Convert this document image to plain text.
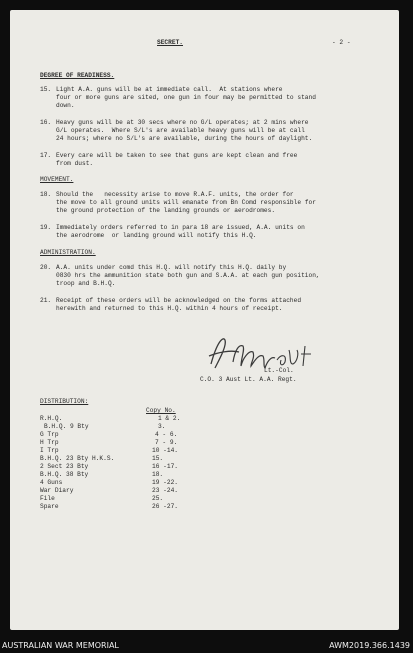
SECRET.	- 2 -
DEGREE OF READINESS.
15. Light A.A. guns will be at immediate call.  At stations where
four or more guns are sited, one gun in four may be permitted to stand
down.
16. Heavy guns will be at 30 secs where no G/L operates; at 2 mins where
G/L operates.  Where S/L's are available heavy guns will be at call
24 hours; where no S/L's are available, during the hours of daylight.
17. Every care will be taken to see that guns are kept clean and free
from dust.
MOVEMENT.
18. Should the   necessity arise to move R.A.F. units, the order for
the move to all ground units will emanate from Bn Comd responsible for
the ground protection of the landing grounds or aerodromes.
19. Immediately orders referred to in para 18 are issued, A.A. units on
the aerodrome  or landing ground will notify this H.Q.
ADMINISTRATION.
20. A.A. units under comd this H.Q. will notify this H.Q. daily by
0830 hrs the ammunition state both gun and S.A.A. at each gun position,
troop and B.H.Q.
21. Receipt of these orders will be acknowledged on the forms attached
herewith and returned to this H.Q. within 4 hours of receipt.
Lt.-Col.
C.O. 3 Aust Lt. A.A. Regt.
DISTRIBUTION:
Copy No.
R.H.Q.	1 & 2.
B.H.Q. 9 Bty	3.
G Trp	4 - 6.
H Trp	7 - 9.
I Trp	10 -14.
B.H.Q. 23 Bty H.K.S.	15.
2 Sect 23 Bty	16 -17.
B.H.Q. 38 Bty	18.
4 Guns	19 -22.
War Diary	23 -24.
File	25.
Spare	26 -27.
AUSTRALIAN WAR MEMORIAL	AWM2019.366.1439
